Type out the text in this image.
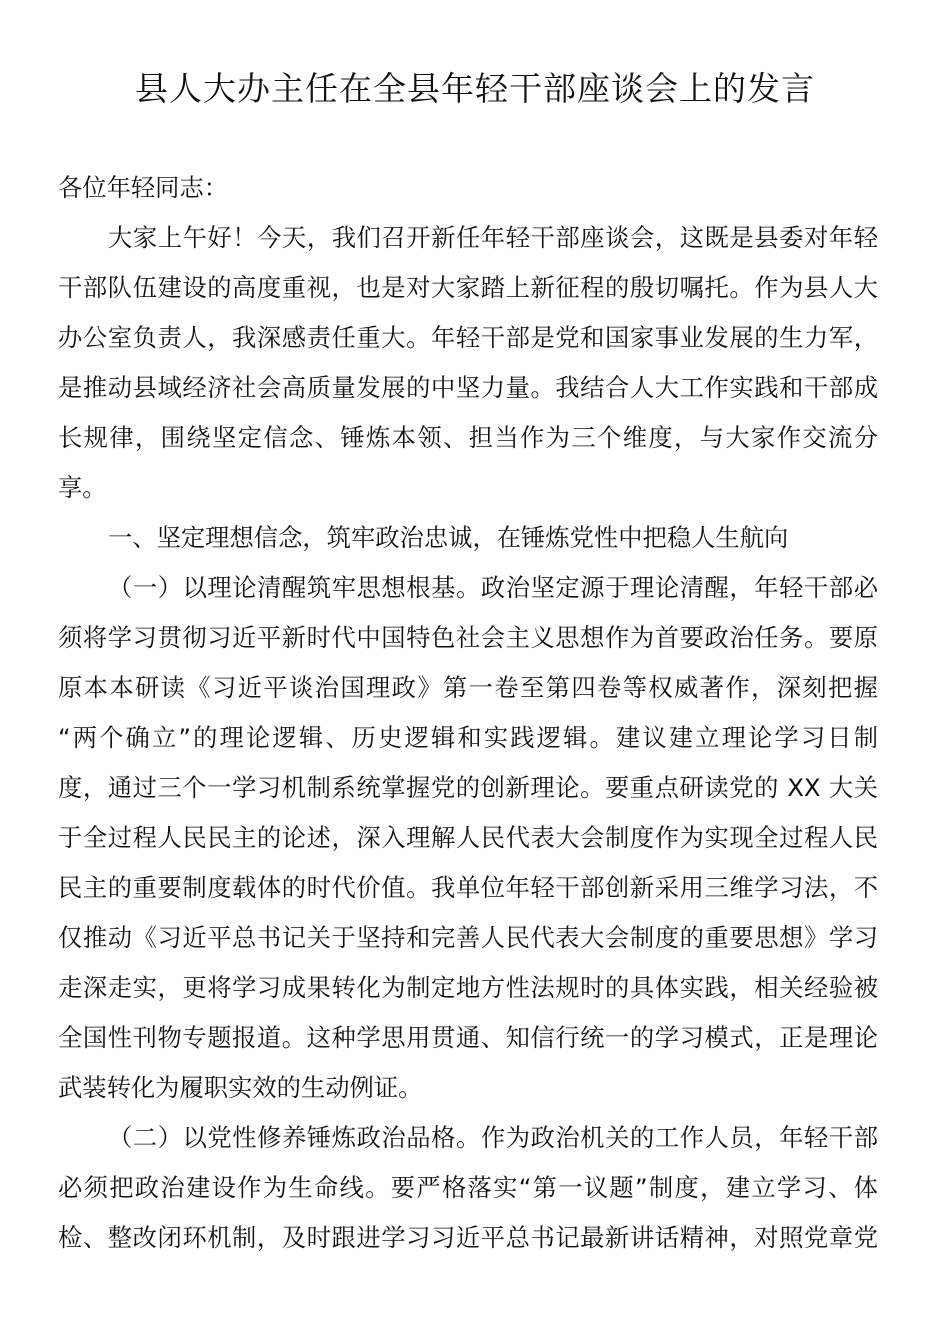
县人大办主任在全县年轻干部座谈会上的发言

各位年轻同志：

大家上午好！今天，我们召开新任年轻干部座谈会，这既是县委对年轻
干部队伍建设的高度重视，也是对大家踏上新征程的殷切嘱托。作为县人大
办公室负责人，我深感责任重大。年轻干部是党和国家事业发展的生力军，
是推动县域经济社会高质量发展的中坚力量。我结合人大工作实践和干部成
长规律，围绕坚定信念、锤炼本领、担当作为三个维度，与大家作交流分
享。

一、坚定理想信念，筑牢政治忠诚，在锤炼党性中把稳人生航向

（一）以理论清醒筑牢思想根基。政治坚定源于理论清醒，年轻干部必
须将学习贯彻习近平新时代中国特色社会主义思想作为首要政治任务。要原
原本本研读《习近平谈治国理政》第一卷至第四卷等权威著作，深刻把握
“两个确立”的理论逻辑、历史逻辑和实践逻辑。建议建立理论学习日制
度，通过三个一学习机制系统掌握党的创新理论。要重点研读党的 XX 大关
于全过程人民民主的论述，深入理解人民代表大会制度作为实现全过程人民
民主的重要制度载体的时代价值。我单位年轻干部创新采用三维学习法，不
仅推动《习近平总书记关于坚持和完善人民代表大会制度的重要思想》学习
走深走实，更将学习成果转化为制定地方性法规时的具体实践，相关经验被
全国性刊物专题报道。这种学思用贯通、知信行统一的学习模式，正是理论
武装转化为履职实效的生动例证。

（二）以党性修养锤炼政治品格。作为政治机关的工作人员，年轻干部
必须把政治建设作为生命线。要严格落实“第一议题”制度，建立学习、体
检、整改闭环机制，及时跟进学习习近平总书记最新讲话精神，对照党章党
